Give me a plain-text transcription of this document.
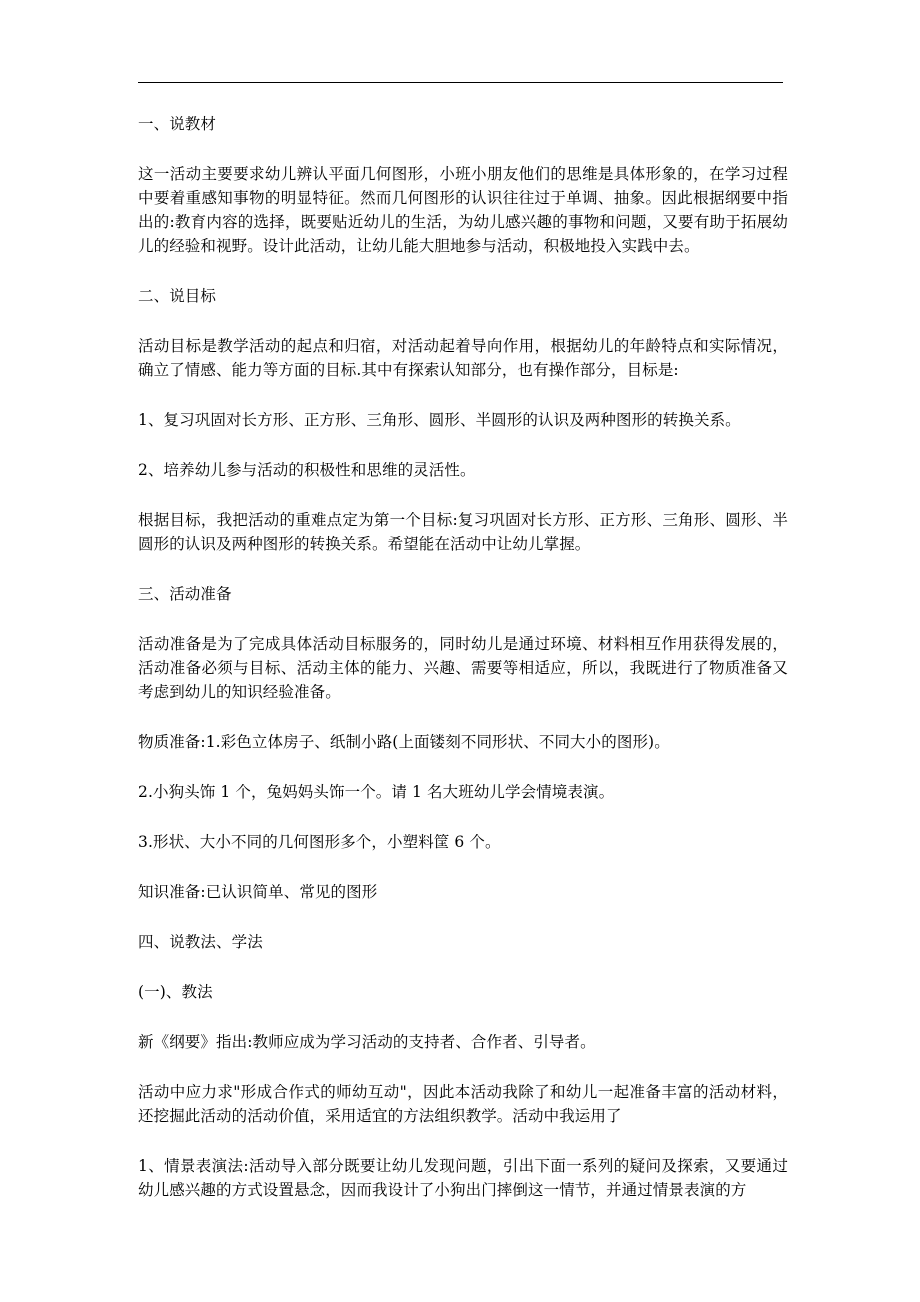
一、说教材

这一活动主要要求幼儿辨认平面几何图形，小班小朋友他们的思维是具体形象的，在学习过程中要着重感知事物的明显特征。然而几何图形的认识往往过于单调、抽象。因此根据纲要中指出的:教育内容的选择，既要贴近幼儿的生活，为幼儿感兴趣的事物和问题，又要有助于拓展幼儿的经验和视野。设计此活动，让幼儿能大胆地参与活动，积极地投入实践中去。

二、说目标

活动目标是教学活动的起点和归宿，对活动起着导向作用，根据幼儿的年龄特点和实际情况，确立了情感、能力等方面的目标.其中有探索认知部分，也有操作部分，目标是:

1、复习巩固对长方形、正方形、三角形、圆形、半圆形的认识及两种图形的转换关系。

2、培养幼儿参与活动的积极性和思维的灵活性。

根据目标，我把活动的重难点定为第一个目标:复习巩固对长方形、正方形、三角形、圆形、半圆形的认识及两种图形的转换关系。希望能在活动中让幼儿掌握。

三、活动准备

活动准备是为了完成具体活动目标服务的，同时幼儿是通过环境、材料相互作用获得发展的，活动准备必须与目标、活动主体的能力、兴趣、需要等相适应，所以，我既进行了物质准备又考虑到幼儿的知识经验准备。

物质准备:1.彩色立体房子、纸制小路(上面镂刻不同形状、不同大小的图形)。

2.小狗头饰 1 个，兔妈妈头饰一个。请 1 名大班幼儿学会情境表演。

3.形状、大小不同的几何图形多个，小塑料筐 6 个。

知识准备:已认识简单、常见的图形

四、说教法、学法

(一)、教法

新《纲要》指出:教师应成为学习活动的支持者、合作者、引导者。

活动中应力求"形成合作式的师幼互动"，因此本活动我除了和幼儿一起准备丰富的活动材料，还挖掘此活动的活动价值，采用适宜的方法组织教学。活动中我运用了

1、情景表演法:活动导入部分既要让幼儿发现问题，引出下面一系列的疑问及探索，又要通过幼儿感兴趣的方式设置悬念，因而我设计了小狗出门摔倒这一情节，并通过情景表演的方
